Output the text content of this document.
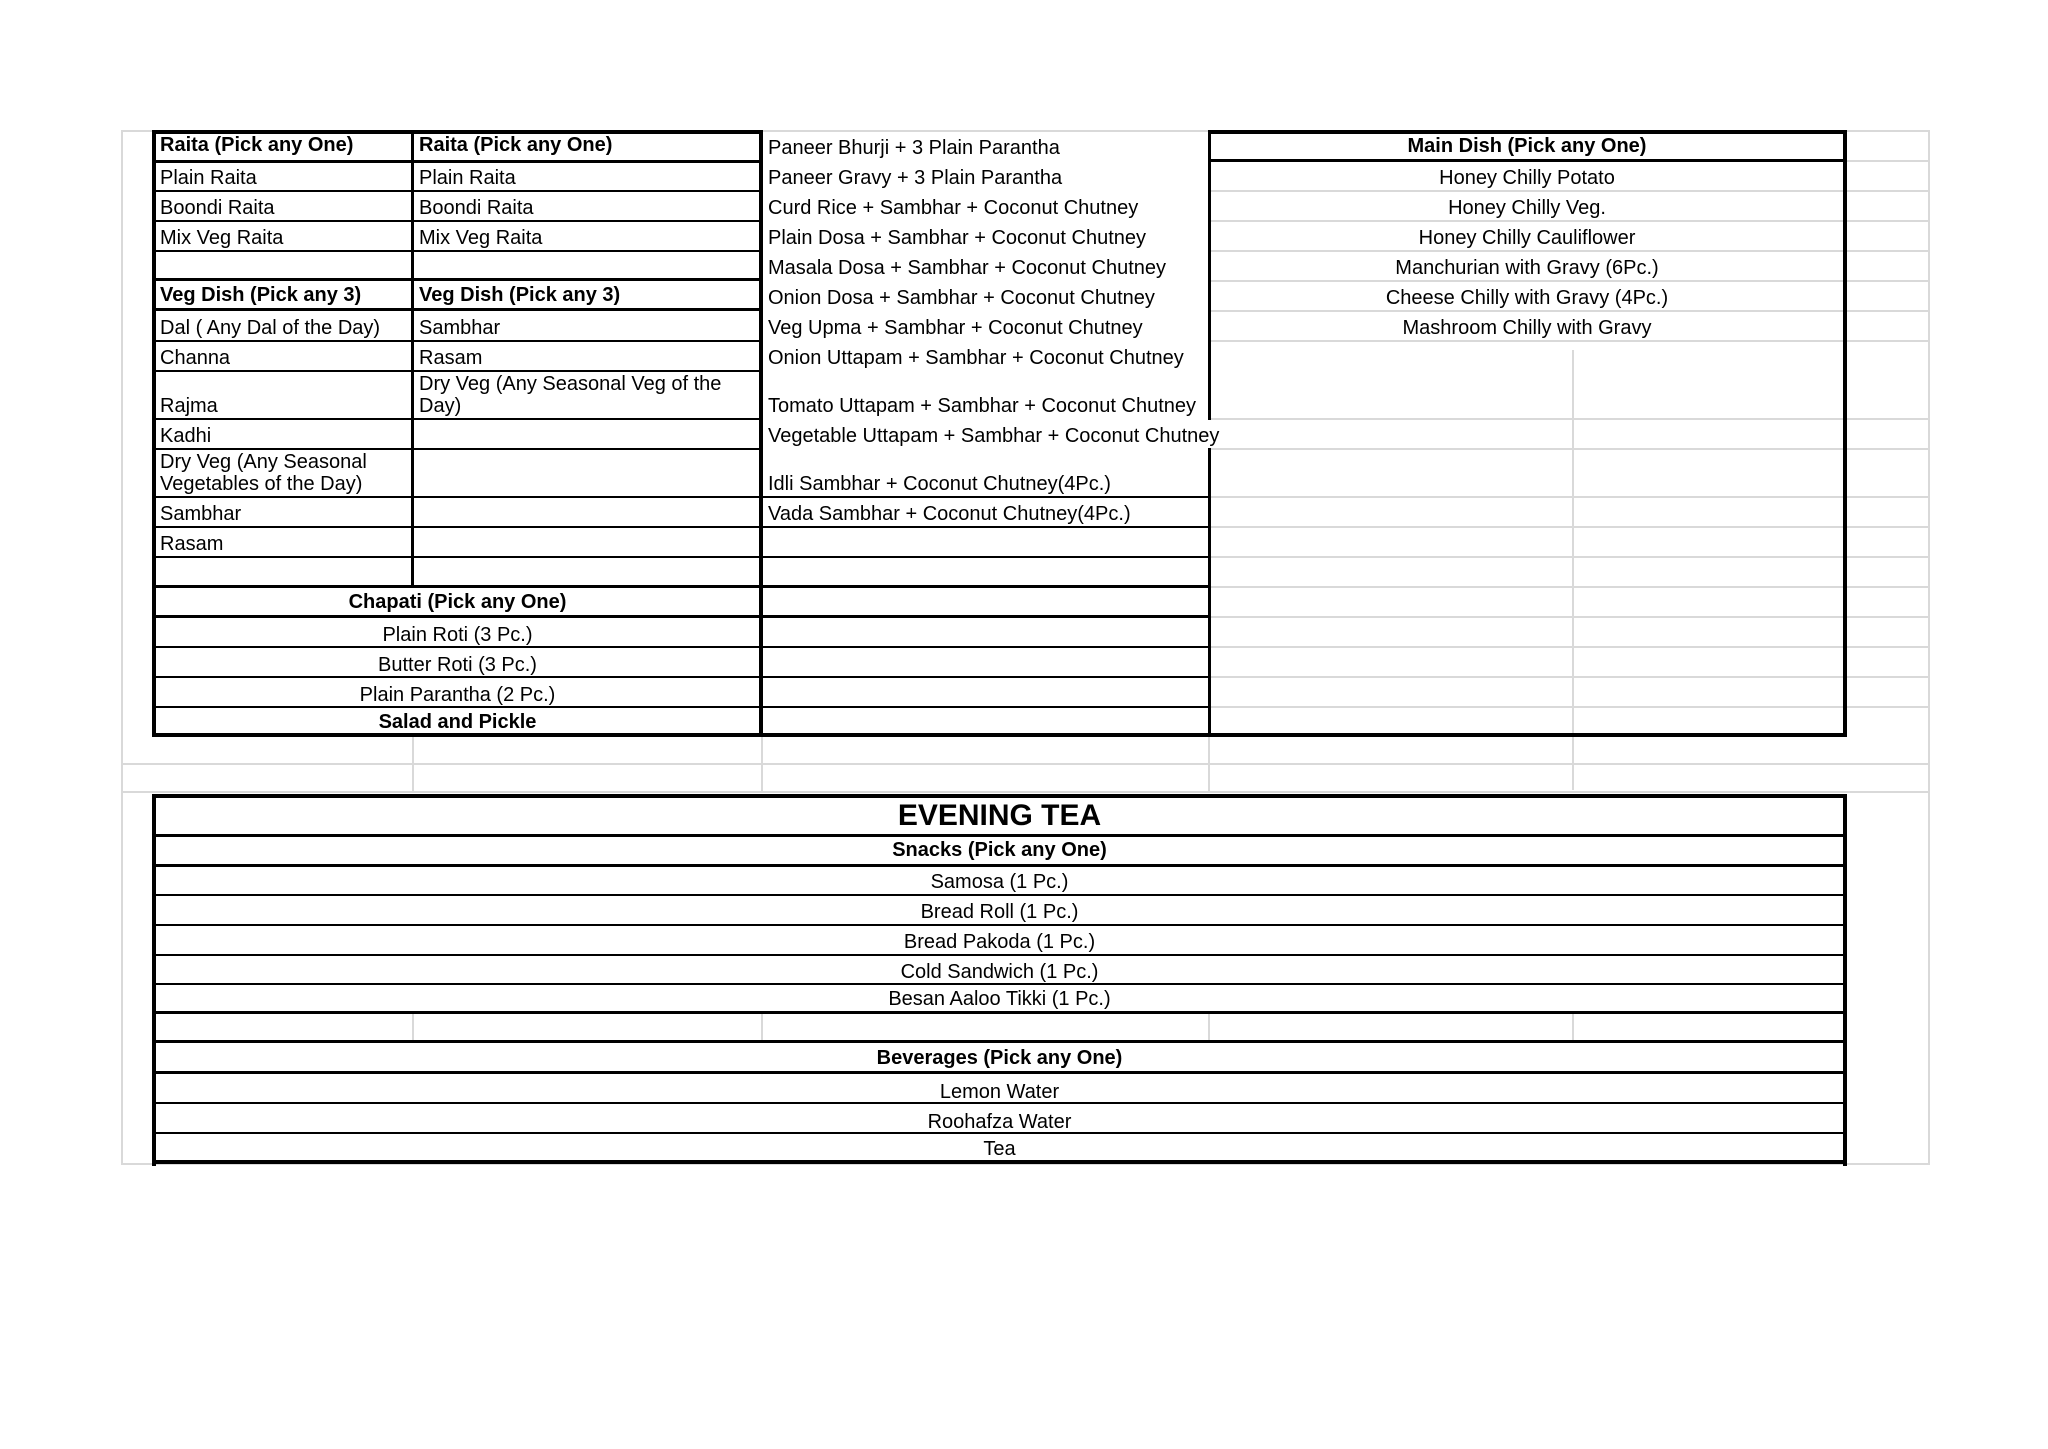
Raita (Pick any One)	Raita (Pick any One)
Plain Raita
Boondi Raita
Mix Veg Raita
Plain Raita
Boondi Raita
Mix Veg Raita
Veg Dish (Pick any 3)	Veg Dish (Pick any 3)
Dal ( Any Dal of the Day)
Channa
Rajma
Kadhi
Dry Veg (Any Seasonal Vegetables of the Day)
Sambhar
Rasam
Sambhar
Rasam
Dry Veg (Any Seasonal Veg of the Day)
Chapati (Pick any One)
Plain Roti (3 Pc.)
Butter Roti (3 Pc.)
Plain Parantha (2 Pc.)
Salad and Pickle
Paneer Bhurji + 3 Plain Parantha
Paneer Gravy + 3 Plain Parantha
Curd Rice + Sambhar + Coconut Chutney
Plain Dosa + Sambhar + Coconut Chutney
Masala Dosa + Sambhar + Coconut Chutney
Onion Dosa + Sambhar + Coconut Chutney
Veg Upma + Sambhar + Coconut Chutney
Onion Uttapam + Sambhar + Coconut Chutney
Tomato Uttapam + Sambhar + Coconut Chutney
Vegetable Uttapam + Sambhar + Coconut Chutney
Idli Sambhar + Coconut Chutney(4Pc.)
Vada Sambhar + Coconut Chutney(4Pc.)
Main Dish (Pick any One)
Honey Chilly Potato
Honey Chilly Veg.
Honey Chilly Cauliflower
Manchurian with Gravy (6Pc.)
Cheese Chilly with Gravy (4Pc.)
Mashroom Chilly with Gravy
EVENING TEA
Snacks (Pick any One)
Samosa (1 Pc.)
Bread Roll (1 Pc.)
Bread Pakoda (1 Pc.)
Cold Sandwich (1 Pc.)
Besan Aaloo Tikki (1 Pc.)
Beverages (Pick any One)
Lemon Water
Roohafza Water
Tea
